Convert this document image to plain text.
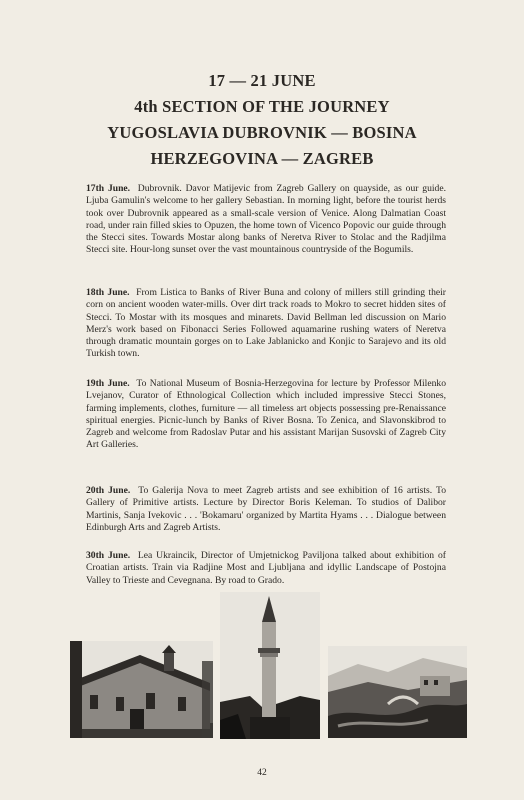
17 — 21 JUNE
4th SECTION OF THE JOURNEY
YUGOSLAVIA DUBROVNIK — BOSINA
HERZEGOVINA — ZAGREB

17th June. Dubrovnik. Davor Matijevic from Zagreb Gallery on quayside, as our guide. Ljuba Gamulin's welcome to her gallery Sebastian. In morning light, before the tourist herds took over Dubrovnik appeared as a small-scale version of Venice. Along Dalmatian Coast road, under rain filled skies to Opuzen, the home town of Vicenco Popovic our guide through the Stecci sites. Towards Mostar along banks of Neretva River to Stolac and the Radjilma Stecci site. Hour-long sunset over the vast mountainous countryside of the Bogumils.

18th June. From Listica to Banks of River Buna and colony of millers still grinding their corn on ancient wooden water-mills. Over dirt track roads to Mokro to secret hidden sites of Stecci. To Mostar with its mosques and minarets. David Bellman led discussion on Mario Merz's work based on Fibonacci Series Followed aquamarine rushing waters of Neretva through dramatic mountain gorges on to Lake Jablanicko and Konjic to Sarajevo and its old Turkish town.

19th June. To National Museum of Bosnia-Herzegovina for lecture by Professor Milenko Lvejanov, Curator of Ethnological Collection which included impressive Stecci Stones, farming implements, clothes, furniture — all timeless art objects possessing pre-Renaissance spiritual energies. Picnic-lunch by Banks of River Bosna. To Zenica, and Slavonskibrod to Zagreb and welcome from Radoslav Putar and his assistant Marijan Susovski of Zagreb City Art Galleries.

20th June. To Galerija Nova to meet Zagreb artists and see exhibition of 16 artists. To Gallery of Primitive artists. Lecture by Director Boris Keleman. To studios of Dalibor Martinis, Sanja Ivekovic . . . 'Bokamaru' organized by Martita Hyams . . . Dialogue between Edinburgh Arts and Zagreb Artists.

30th June. Lea Ukraincik, Director of Umjetnickog Paviljona talked about exhibition of Croatian artists. Train via Radjine Most and Ljubljana and idyllic Landscape of Postojna Valley to Trieste and Cevegnana. By road to Grado.

42
